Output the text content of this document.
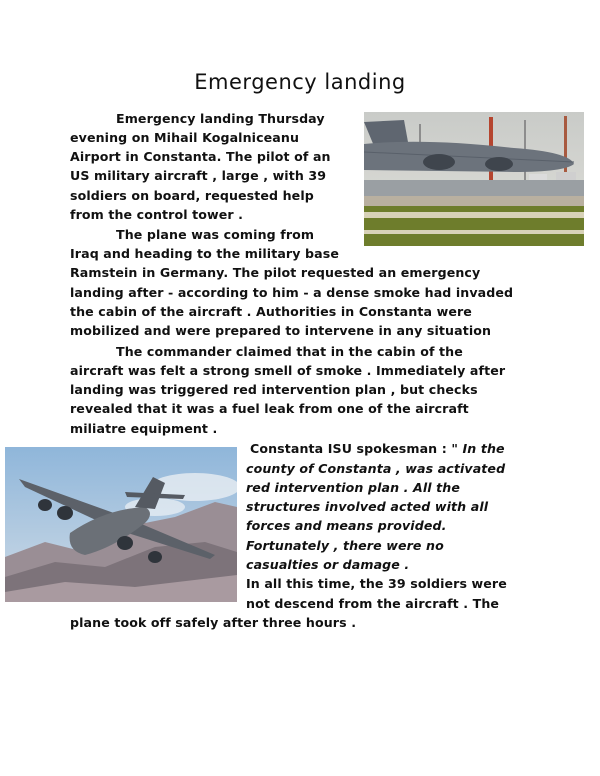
Emergency landing
Emergency landing Thursday
evening on Mihail Kogalniceanu
Airport in Constanta. The pilot of an
US military aircraft , large , with 39
soldiers on board, requested help
from the control tower .
The plane was coming from
Iraq and heading to the military base
Ramstein in Germany. The pilot requested an emergency
landing after - according to him - a dense smoke had invaded
the cabin of the aircraft . Authorities in Constanta were
mobilized and were prepared to intervene in any situation
The commander claimed that in the cabin of the
aircraft was felt a strong smell of smoke . Immediately after
landing was triggered red intervention plan , but checks
revealed that it was a fuel leak from one of the aircraft
miliatre equipment .
Constanta ISU spokesman : " In the
county of Constanta , was activated
red intervention plan . All the
structures involved acted with all
forces and means provided.
Fortunately , there were no
casualties or damage .
In all this time, the 39 soldiers were
not descend from the aircraft . The
plane took off safely after three hours .
